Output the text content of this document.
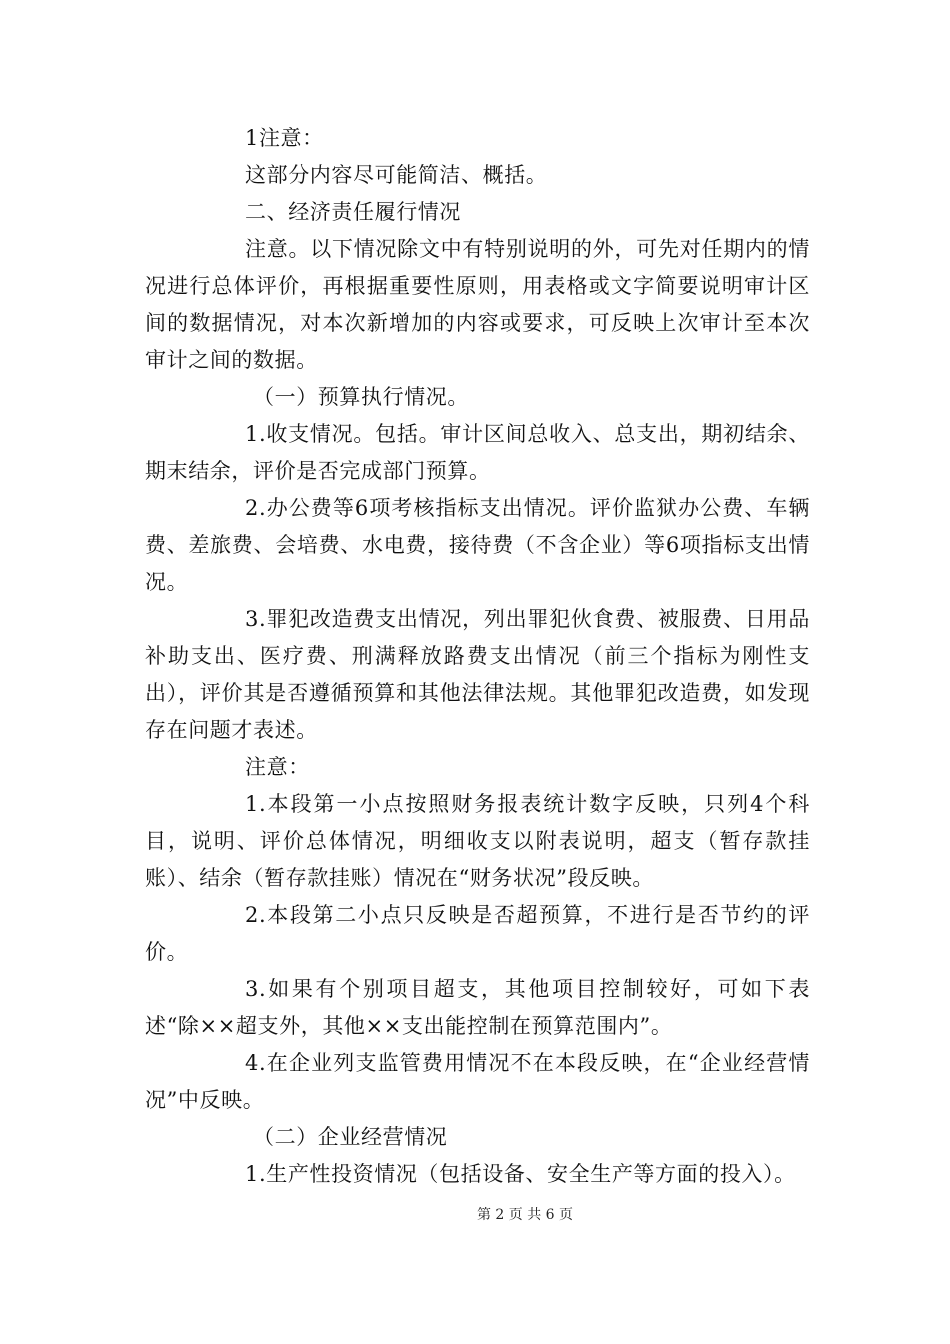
1注意：

这部分内容尽可能简洁、概括。

二、经济责任履行情况

注意。以下情况除文中有特别说明的外，可先对任期内的情况进行总体评价，再根据重要性原则，用表格或文字简要说明审计区间的数据情况，对本次新增加的内容或要求，可反映上次审计至本次审计之间的数据。

（一）预算执行情况。

1.收支情况。包括。审计区间总收入、总支出，期初结余、期末结余，评价是否完成部门预算。

2.办公费等6项考核指标支出情况。评价监狱办公费、车辆费、差旅费、会培费、水电费，接待费（不含企业）等6项指标支出情况。

3.罪犯改造费支出情况，列出罪犯伙食费、被服费、日用品补助支出、医疗费、刑满释放路费支出情况（前三个指标为刚性支出），评价其是否遵循预算和其他法律法规。其他罪犯改造费，如发现存在问题才表述。

注意：

1.本段第一小点按照财务报表统计数字反映，只列4个科目，说明、评价总体情况，明细收支以附表说明，超支（暂存款挂账）、结余（暂存款挂账）情况在“财务状况”段反映。

2.本段第二小点只反映是否超预算，不进行是否节约的评价。

3.如果有个别项目超支，其他项目控制较好，可如下表述“除××超支外，其他××支出能控制在预算范围内”。

4.在企业列支监管费用情况不在本段反映，在“企业经营情况”中反映。

（二）企业经营情况

1.生产性投资情况（包括设备、安全生产等方面的投入）。

第 2 页 共 6 页
